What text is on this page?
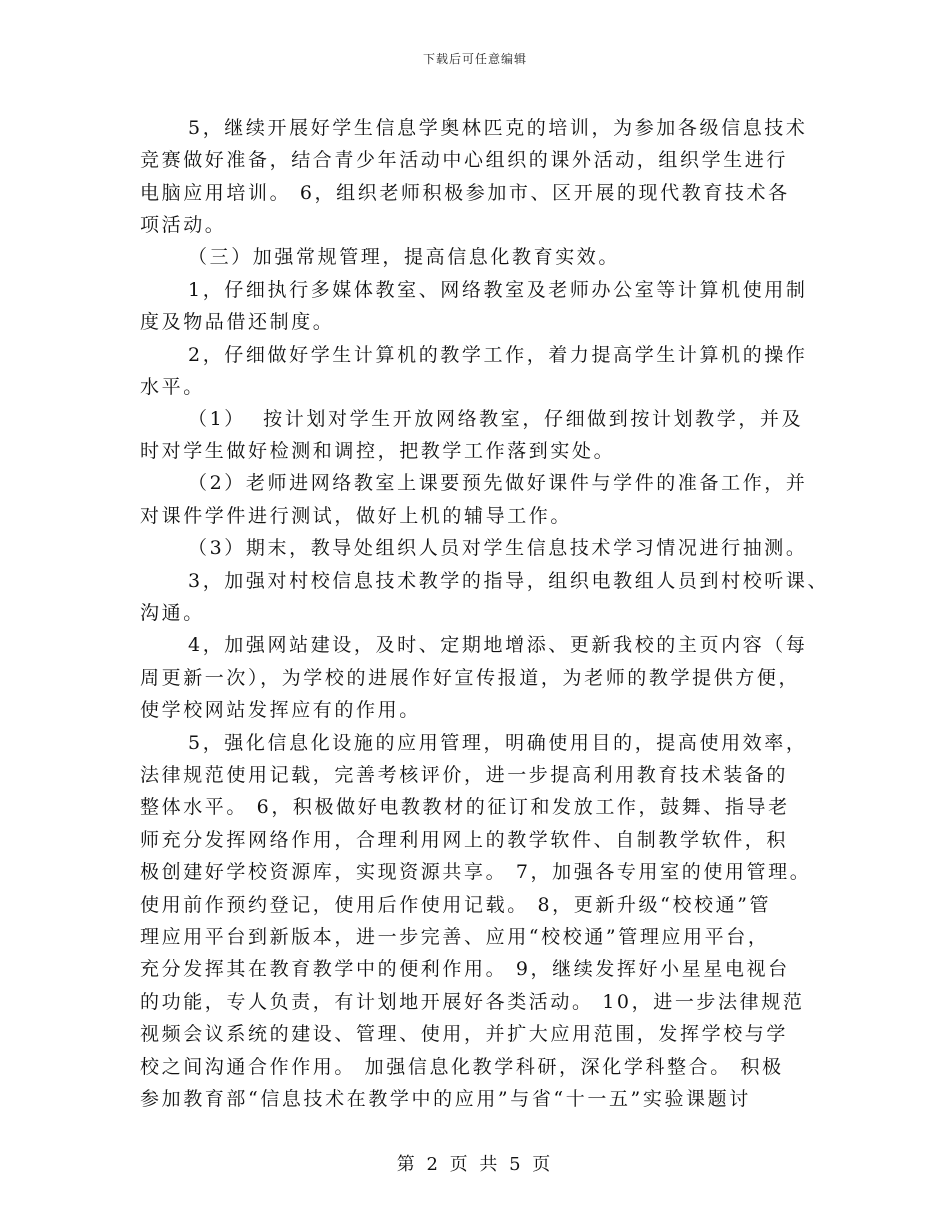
下载后可任意编辑
5，继续开展好学生信息学奥林匹克的培训，为参加各级信息技术
竞赛做好准备，结合青少年活动中心组织的课外活动，组织学生进行
电脑应用培训。 6，组织老师积极参加市、区开展的现代教育技术各
项活动。
（三）加强常规管理，提高信息化教育实效。
1，仔细执行多媒体教室、网络教室及老师办公室等计算机使用制
度及物品借还制度。
2，仔细做好学生计算机的教学工作，着力提高学生计算机的操作
水平。
（1）  按计划对学生开放网络教室，仔细做到按计划教学，并及
时对学生做好检测和调控，把教学工作落到实处。
（2）老师进网络教室上课要预先做好课件与学件的准备工作，并
对课件学件进行测试，做好上机的辅导工作。
（3）期末，教导处组织人员对学生信息技术学习情况进行抽测。
3，加强对村校信息技术教学的指导，组织电教组人员到村校听课、
沟通。
4，加强网站建设，及时、定期地增添、更新我校的主页内容（每
周更新一次），为学校的进展作好宣传报道，为老师的教学提供方便，
使学校网站发挥应有的作用。
5，强化信息化设施的应用管理，明确使用目的，提高使用效率，
法律规范使用记载，完善考核评价，进一步提高利用教育技术装备的
整体水平。 6，积极做好电教教材的征订和发放工作，鼓舞、指导老
师充分发挥网络作用，合理利用网上的教学软件、自制教学软件，积
极创建好学校资源库，实现资源共享。 7，加强各专用室的使用管理。
使用前作预约登记，使用后作使用记载。 8，更新升级“校校通”管
理应用平台到新版本，进一步完善、应用“校校通”管理应用平台，
充分发挥其在教育教学中的便利作用。 9，继续发挥好小星星电视台
的功能，专人负责，有计划地开展好各类活动。 10，进一步法律规范
视频会议系统的建设、管理、使用，并扩大应用范围，发挥学校与学
校之间沟通合作作用。 加强信息化教学科研，深化学科整合。 积极
参加教育部“信息技术在教学中的应用”与省“十一五”实验课题讨
第 2 页 共 5 页
